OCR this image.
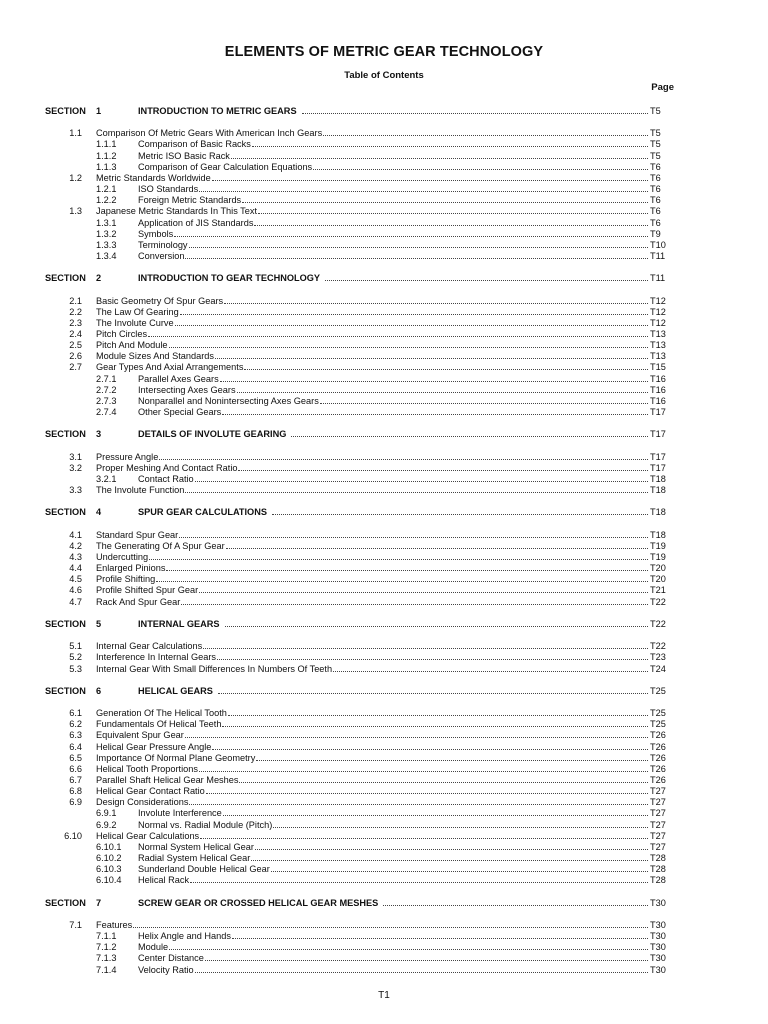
ELEMENTS OF METRIC GEAR TECHNOLOGY
Table of Contents
Page
SECTION 1	INTRODUCTION TO METRIC GEARS	T5
1.1 Comparison Of Metric Gears With American Inch Gears	T5
1.1.1 Comparison of Basic Racks	T5
1.1.2 Metric ISO Basic Rack	T5
1.1.3 Comparison of Gear Calculation Equations	T6
1.2 Metric Standards Worldwide	T6
1.2.1 ISO Standards	T6
1.2.2 Foreign Metric Standards	T6
1.3 Japanese Metric Standards In This Text	T6
1.3.1 Application of JIS Standards	T6
1.3.2 Symbols	T9
1.3.3 Terminology	T10
1.3.4 Conversion	T11
SECTION 2	INTRODUCTION TO GEAR TECHNOLOGY	T11
2.1 Basic Geometry Of Spur Gears	T12
2.2 The Law Of Gearing	T12
2.3 The Involute Curve	T12
2.4 Pitch Circles	T13
2.5 Pitch And Module	T13
2.6 Module Sizes And Standards	T13
2.7 Gear Types And Axial Arrangements	T15
2.7.1 Parallel Axes Gears	T16
2.7.2 Intersecting Axes Gears	T16
2.7.3 Nonparallel and Nonintersecting Axes Gears	T16
2.7.4 Other Special Gears	T17
SECTION 3	DETAILS OF INVOLUTE GEARING	T17
3.1 Pressure Angle	T17
3.2 Proper Meshing And Contact Ratio	T17
3.2.1 Contact Ratio	T18
3.3 The Involute Function	T18
SECTION 4	SPUR GEAR CALCULATIONS	T18
4.1 Standard Spur Gear	T18
4.2 The Generating Of A Spur Gear	T19
4.3 Undercutting	T19
4.4 Enlarged Pinions	T20
4.5 Profile Shifting	T20
4.6 Profile Shifted Spur Gear	T21
4.7 Rack And Spur Gear	T22
SECTION 5	INTERNAL GEARS	T22
5.1 Internal Gear Calculations	T22
5.2 Interference In Internal Gears	T23
5.3 Internal Gear With Small Differences In Numbers Of Teeth	T24
SECTION 6	HELICAL GEARS	T25
6.1 Generation Of The Helical Tooth	T25
6.2 Fundamentals Of Helical Teeth	T25
6.3 Equivalent Spur Gear	T26
6.4 Helical Gear Pressure Angle	T26
6.5 Importance Of Normal Plane Geometry	T26
6.6 Helical Tooth Proportions	T26
6.7 Parallel Shaft Helical Gear Meshes	T26
6.8 Helical Gear Contact Ratio	T27
6.9 Design Considerations	T27
6.9.1 Involute Interference	T27
6.9.2 Normal vs. Radial Module (Pitch)	T27
6.10 Helical Gear Calculations	T27
6.10.1 Normal System Helical Gear	T27
6.10.2 Radial System Helical Gear	T28
6.10.3 Sunderland Double Helical Gear	T28
6.10.4 Helical Rack	T28
SECTION 7	SCREW GEAR OR CROSSED HELICAL GEAR MESHES	T30
7.1 Features	T30
7.1.1 Helix Angle and Hands	T30
7.1.2 Module	T30
7.1.3 Center Distance	T30
7.1.4 Velocity Ratio	T30
T1
